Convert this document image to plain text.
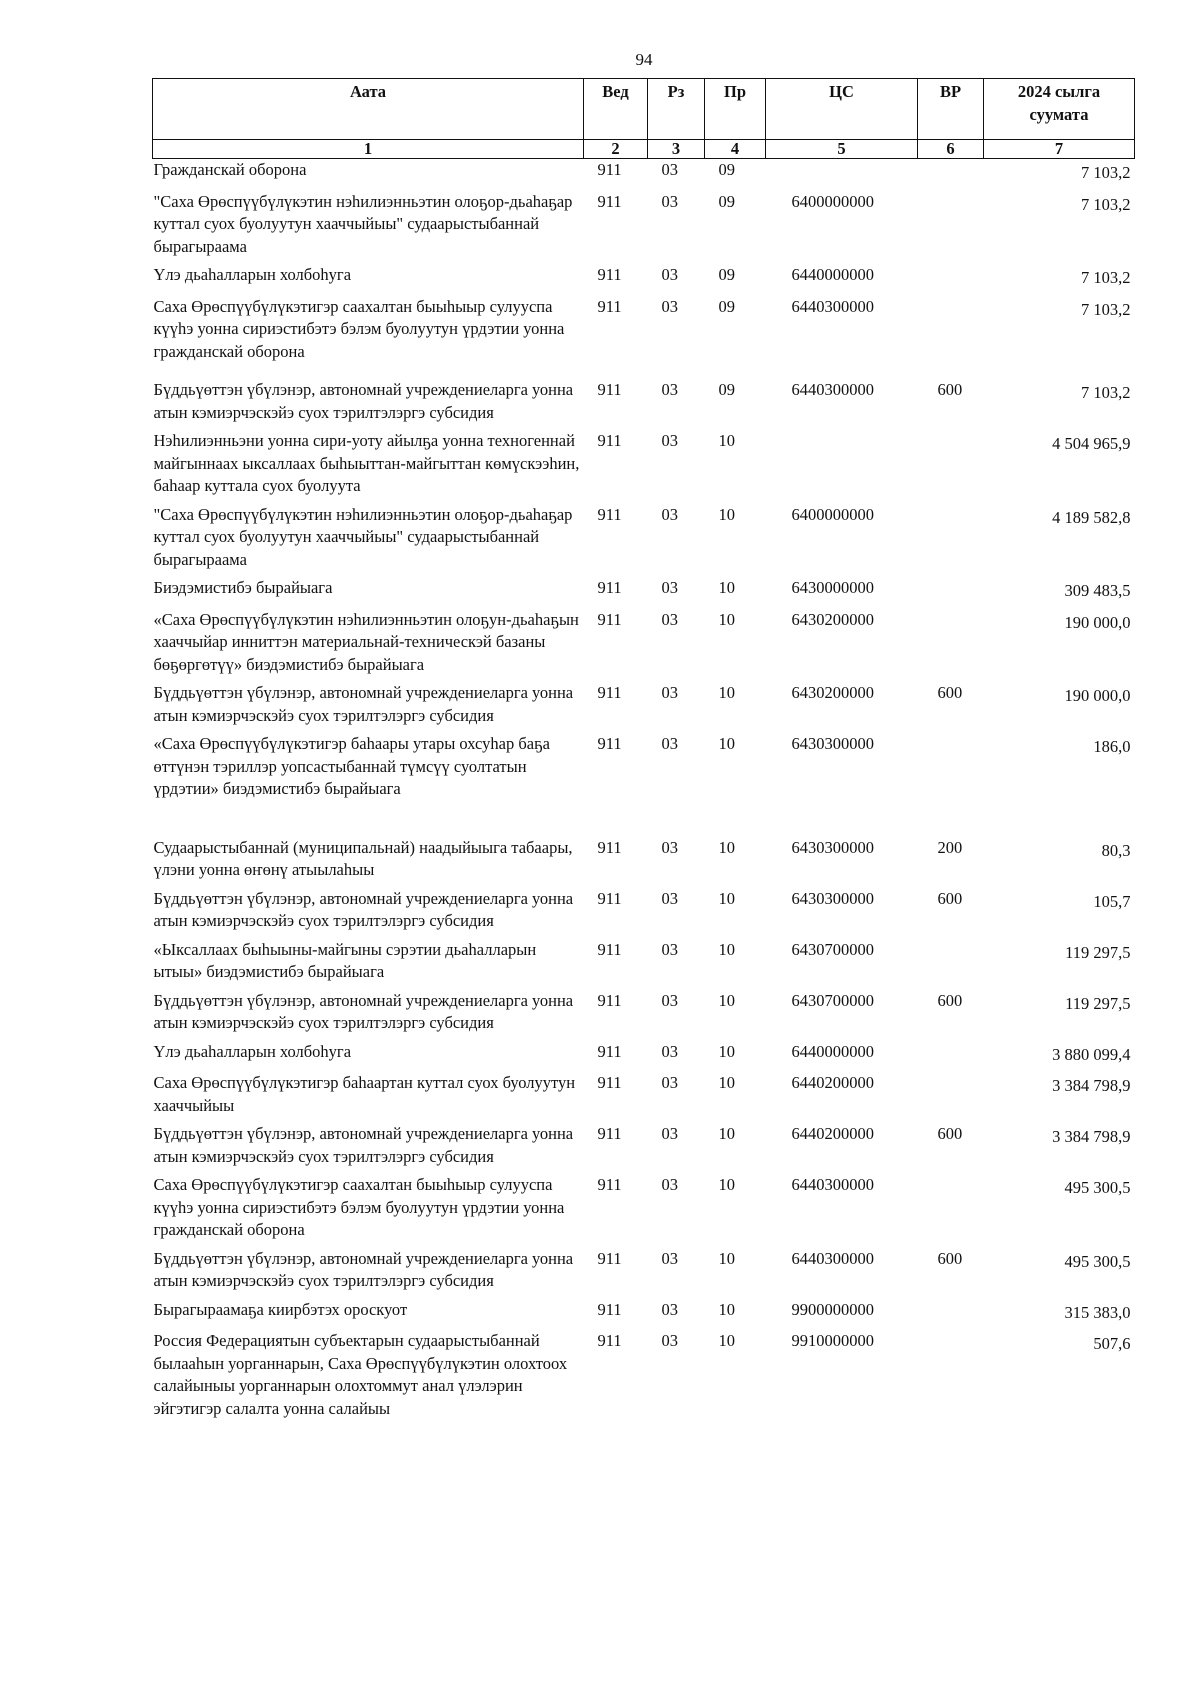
94
Аата	Вед	Рз	Пр	ЦС	ВР	2024 сылга суумата
1	2	3	4	5	6	7
Гражданскай оборона	911	03	09			7 103,2
"Саха Өрөспүүбүлүкэтин нэһилиэнньэтин олоҕор-дьаһаҕар куттал суох буолуутун хааччыйыы" судаарыстыбаннай бырагыраама	911	03	09	6400000000		7 103,2
Үлэ дьаһалларын холбоһуга	911	03	09	6440000000		7 103,2
Саха Өрөспүүбүлүкэтигэр саахалтан быыһыыр сулууспа күүһэ уонна сириэстибэтэ бэлэм буолуутун үрдэтии уонна гражданскай оборона	911	03	09	6440300000		7 103,2
Бүддьүөттэн үбүлэнэр, автономнай учреждениеларга уонна атын кэмиэрчэскэйэ суох тэрилтэлэргэ субсидия	911	03	09	6440300000	600	7 103,2
Нэһилиэнньэни уонна сири-уоту айылҕа уонна техногеннай майгыннаах ыксаллаах быһыыттан-майгыттан көмүскээһин, баһаар куттала суох буолуута	911	03	10			4 504 965,9
"Саха Өрөспүүбүлүкэтин нэһилиэнньэтин олоҕор-дьаһаҕар куттал суох буолуутун хааччыйыы" судаарыстыбаннай бырагыраама	911	03	10	6400000000		4 189 582,8
Биэдэмистибэ бырайыага	911	03	10	6430000000		309 483,5
«Саха Өрөспүүбүлүкэтин нэһилиэнньэтин олоҕун-дьаһаҕын хааччыйар инниттэн материальнай-техническэй базаны бөҕөргөтүү» биэдэмистибэ бырайыага	911	03	10	6430200000		190 000,0
Бүддьүөттэн үбүлэнэр, автономнай учреждениеларга уонна атын кэмиэрчэскэйэ суох тэрилтэлэргэ субсидия	911	03	10	6430200000	600	190 000,0
«Саха Өрөспүүбүлүкэтигэр баһаары утары охсуһар баҕа өттүнэн тэриллэр уопсастыбаннай түмсүү суолтатын үрдэтии» биэдэмистибэ бырайыага	911	03	10	6430300000		186,0
Судаарыстыбаннай (муниципальнай) наадыйыыга табаары, үлэни уонна өҥөнү атыылаһыы	911	03	10	6430300000	200	80,3
Бүддьүөттэн үбүлэнэр, автономнай учреждениеларга уонна атын кэмиэрчэскэйэ суох тэрилтэлэргэ субсидия	911	03	10	6430300000	600	105,7
«Ыксаллаах быһыыны-майгыны сэрэтии дьаһалларын ытыы» биэдэмистибэ бырайыага	911	03	10	6430700000		119 297,5
Бүддьүөттэн үбүлэнэр, автономнай учреждениеларга уонна атын кэмиэрчэскэйэ суох тэрилтэлэргэ субсидия	911	03	10	6430700000	600	119 297,5
Үлэ дьаһалларын холбоһуга	911	03	10	6440000000		3 880 099,4
Саха Өрөспүүбүлүкэтигэр баһаартан куттал суох буолуутун хааччыйыы	911	03	10	6440200000		3 384 798,9
Бүддьүөттэн үбүлэнэр, автономнай учреждениеларга уонна атын кэмиэрчэскэйэ суох тэрилтэлэргэ субсидия	911	03	10	6440200000	600	3 384 798,9
Саха Өрөспүүбүлүкэтигэр саахалтан быыһыыр сулууспа күүһэ уонна сириэстибэтэ бэлэм буолуутун үрдэтии уонна гражданскай оборона	911	03	10	6440300000		495 300,5
Бүддьүөттэн үбүлэнэр, автономнай учреждениеларга уонна атын кэмиэрчэскэйэ суох тэрилтэлэргэ субсидия	911	03	10	6440300000	600	495 300,5
Бырагыраамаҕа киирбэтэх ороскуот	911	03	10	9900000000		315 383,0
Россия Федерациятын субъектарын судаарыстыбаннай былааһын уорганнарын, Саха Өрөспүүбүлүкэтин олохтоох салайыныы уорганнарын олохтоммут анал үлэлэрин эйгэтигэр салалта уонна салайыы	911	03	10	9910000000		507,6
